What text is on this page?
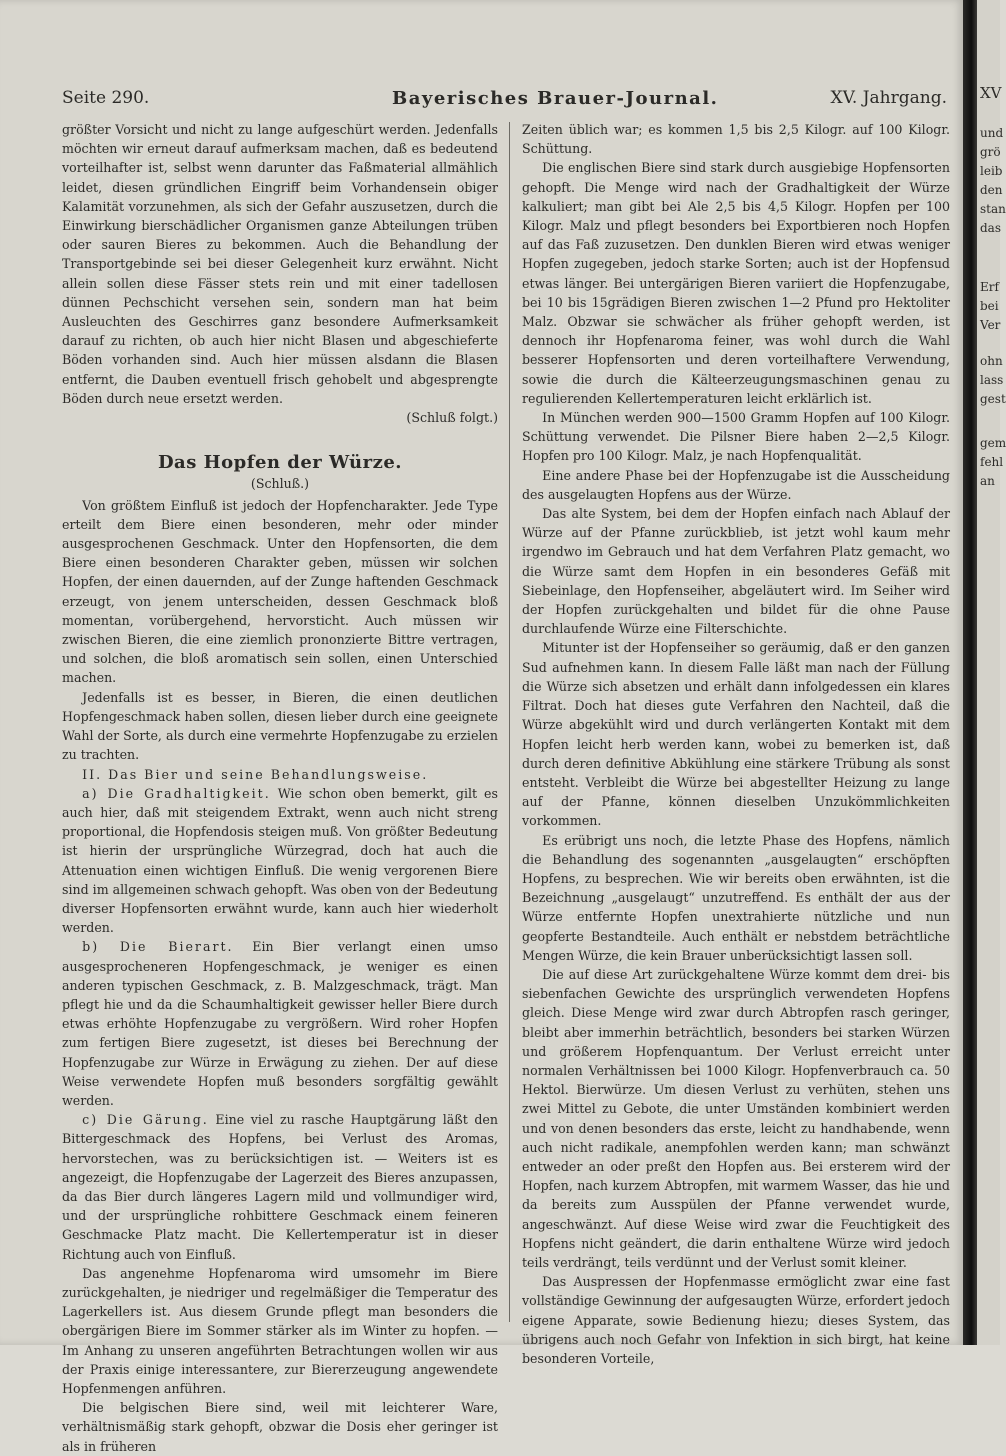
Seite 290.	Bayerisches Brauer-Journal.	XV. Jahrgang.

größter Vorsicht und nicht zu lange aufgeschürt werden. Jedenfalls möchten wir erneut darauf aufmerksam machen, daß es bedeutend vorteilhafter ist, selbst wenn darunter das Faßmaterial allmählich leidet, diesen gründlichen Eingriff beim Vorhandensein obiger Kalamität vorzunehmen, als sich der Gefahr auszusetzen, durch die Einwirkung bierschädlicher Organismen ganze Abteilungen trüben oder sauren Bieres zu bekommen. Auch die Behandlung der Transportgebinde sei bei dieser Gelegenheit kurz erwähnt. Nicht allein sollen diese Fässer stets rein und mit einer tadellosen dünnen Pechschicht versehen sein, sondern man hat beim Ausleuchten des Geschirres ganz besondere Aufmerksamkeit darauf zu richten, ob auch hier nicht Blasen und abgeschieferte Böden vorhanden sind. Auch hier müssen alsdann die Blasen entfernt, die Dauben eventuell frisch gehobelt und abgesprengte Böden durch neue ersetzt werden.

(Schluß folgt.)

Das Hopfen der Würze.
(Schluß.)

Von größtem Einfluß ist jedoch der Hopfencharakter. Jede Type erteilt dem Biere einen besonderen, mehr oder minder ausgesprochenen Geschmack. Unter den Hopfensorten, die dem Biere einen besonderen Charakter geben, müssen wir solchen Hopfen, der einen dauernden, auf der Zunge haftenden Geschmack erzeugt, von jenem unterscheiden, dessen Geschmack bloß momentan, vorübergehend, hervorsticht. Auch müssen wir zwischen Bieren, die eine ziemlich prononzierte Bittre vertragen, und solchen, die bloß aromatisch sein sollen, einen Unterschied machen.

Jedenfalls ist es besser, in Bieren, die einen deutlichen Hopfengeschmack haben sollen, diesen lieber durch eine geeignete Wahl der Sorte, als durch eine vermehrte Hopfenzugabe zu erzielen zu trachten.

II. Das Bier und seine Behandlungsweise.

a) Die Gradhaltigkeit. Wie schon oben bemerkt, gilt es auch hier, daß mit steigendem Extrakt, wenn auch nicht streng proportional, die Hopfendosis steigen muß. Von größter Bedeutung ist hierin der ursprüngliche Würzegrad, doch hat auch die Attenuation einen wichtigen Einfluß. Die wenig vergorenen Biere sind im allgemeinen schwach gehopft. Was oben von der Bedeutung diverser Hopfensorten erwähnt wurde, kann auch hier wiederholt werden.

b) Die Bierart. Ein Bier verlangt einen umso ausgesprocheneren Hopfengeschmack, je weniger es einen anderen typischen Geschmack, z. B. Malzgeschmack, trägt. Man pflegt hie und da die Schaumhaltigkeit gewisser heller Biere durch etwas erhöhte Hopfenzugabe zu vergrößern. Wird roher Hopfen zum fertigen Biere zugesetzt, ist dieses bei Berechnung der Hopfenzugabe zur Würze in Erwägung zu ziehen. Der auf diese Weise verwendete Hopfen muß besonders sorgfältig gewählt werden.

c) Die Gärung. Eine viel zu rasche Hauptgärung läßt den Bittergeschmack des Hopfens, bei Verlust des Aromas, hervorstechen, was zu berücksichtigen ist. — Weiters ist es angezeigt, die Hopfenzugabe der Lagerzeit des Bieres anzupassen, da das Bier durch längeres Lagern mild und vollmundiger wird, und der ursprüngliche rohbittere Geschmack einem feineren Geschmacke Platz macht. Die Kellertemperatur ist in dieser Richtung auch von Einfluß.

Das angenehme Hopfenaroma wird umsomehr im Biere zurückgehalten, je niedriger und regelmäßiger die Temperatur des Lagerkellers ist. Aus diesem Grunde pflegt man besonders die obergärigen Biere im Sommer stärker als im Winter zu hopfen. — Im Anhang zu unseren angeführten Betrachtungen wollen wir aus der Praxis einige interessantere, zur Biererzeugung angewendete Hopfenmengen anführen.

Die belgischen Biere sind, weil mit leichterer Ware, verhältnismäßig stark gehopft, obzwar die Dosis eher geringer ist als in früheren

Zeiten üblich war; es kommen 1,5 bis 2,5 Kilogr. auf 100 Kilogr. Schüttung.

Die englischen Biere sind stark durch ausgiebige Hopfensorten gehopft. Die Menge wird nach der Gradhaltigkeit der Würze kalkuliert; man gibt bei Ale 2,5 bis 4,5 Kilogr. Hopfen per 100 Kilogr. Malz und pflegt besonders bei Exportbieren noch Hopfen auf das Faß zuzusetzen. Den dunklen Bieren wird etwas weniger Hopfen zugegeben, jedoch starke Sorten; auch ist der Hopfensud etwas länger. Bei untergärigen Bieren variiert die Hopfenzugabe, bei 10 bis 15grädigen Bieren zwischen 1—2 Pfund pro Hektoliter Malz. Obzwar sie schwächer als früher gehopft werden, ist dennoch ihr Hopfenaroma feiner, was wohl durch die Wahl besserer Hopfensorten und deren vorteilhaftere Verwendung, sowie die durch die Kälteerzeugungsmaschinen genau zu regulierenden Kellertemperaturen leicht erklärlich ist.

In München werden 900—1500 Gramm Hopfen auf 100 Kilogr. Schüttung verwendet. Die Pilsner Biere haben 2—2,5 Kilogr. Hopfen pro 100 Kilogr. Malz, je nach Hopfenqualität.

Eine andere Phase bei der Hopfenzugabe ist die Ausscheidung des ausgelaugten Hopfens aus der Würze.

Das alte System, bei dem der Hopfen einfach nach Ablauf der Würze auf der Pfanne zurückblieb, ist jetzt wohl kaum mehr irgendwo im Gebrauch und hat dem Verfahren Platz gemacht, wo die Würze samt dem Hopfen in ein besonderes Gefäß mit Siebeinlage, den Hopfenseiher, abgeläutert wird. Im Seiher wird der Hopfen zurückgehalten und bildet für die ohne Pause durchlaufende Würze eine Filterschichte.

Mitunter ist der Hopfenseiher so geräumig, daß er den ganzen Sud aufnehmen kann. In diesem Falle läßt man nach der Füllung die Würze sich absetzen und erhält dann infolgedessen ein klares Filtrat. Doch hat dieses gute Verfahren den Nachteil, daß die Würze abgekühlt wird und durch verlängerten Kontakt mit dem Hopfen leicht herb werden kann, wobei zu bemerken ist, daß durch deren definitive Abkühlung eine stärkere Trübung als sonst entsteht. Verbleibt die Würze bei abgestellter Heizung zu lange auf der Pfanne, können dieselben Unzukömmlichkeiten vorkommen.

Es erübrigt uns noch, die letzte Phase des Hopfens, nämlich die Behandlung des sogenannten „ausgelaugten“ erschöpften Hopfens, zu besprechen. Wie wir bereits oben erwähnten, ist die Bezeichnung „ausgelaugt“ unzutreffend. Es enthält der aus der Würze entfernte Hopfen unextrahierte nützliche und nun geopferte Bestandteile. Auch enthält er nebstdem beträchtliche Mengen Würze, die kein Brauer unberücksichtigt lassen soll.

Die auf diese Art zurückgehaltene Würze kommt dem drei- bis siebenfachen Gewichte des ursprünglich verwendeten Hopfens gleich. Diese Menge wird zwar durch Abtropfen rasch geringer, bleibt aber immerhin beträchtlich, besonders bei starken Würzen und größerem Hopfenquantum. Der Verlust erreicht unter normalen Verhältnissen bei 1000 Kilogr. Hopfenverbrauch ca. 50 Hektol. Bierwürze. Um diesen Verlust zu verhüten, stehen uns zwei Mittel zu Gebote, die unter Umständen kombiniert werden und von denen besonders das erste, leicht zu handhabende, wenn auch nicht radikale, anempfohlen werden kann; man schwänzt entweder an oder preßt den Hopfen aus. Bei ersterem wird der Hopfen, nach kurzem Abtropfen, mit warmem Wasser, das hie und da bereits zum Ausspülen der Pfanne verwendet wurde, angeschwänzt. Auf diese Weise wird zwar die Feuchtigkeit des Hopfens nicht geändert, die darin enthaltene Würze wird jedoch teils verdrängt, teils verdünnt und der Verlust somit kleiner.

Das Auspressen der Hopfenmasse ermöglicht zwar eine fast vollständige Gewinnung der aufgesaugten Würze, erfordert jedoch eigene Apparate, sowie Bedienung hiezu; dieses System, das übrigens auch noch Gefahr von Infektion in sich birgt, hat keine besonderen Vorteile,

XV
und
grö
leib
den
stan
das
Erf
bei
Ver
ohn
lass
gest
gem
fehl
an
